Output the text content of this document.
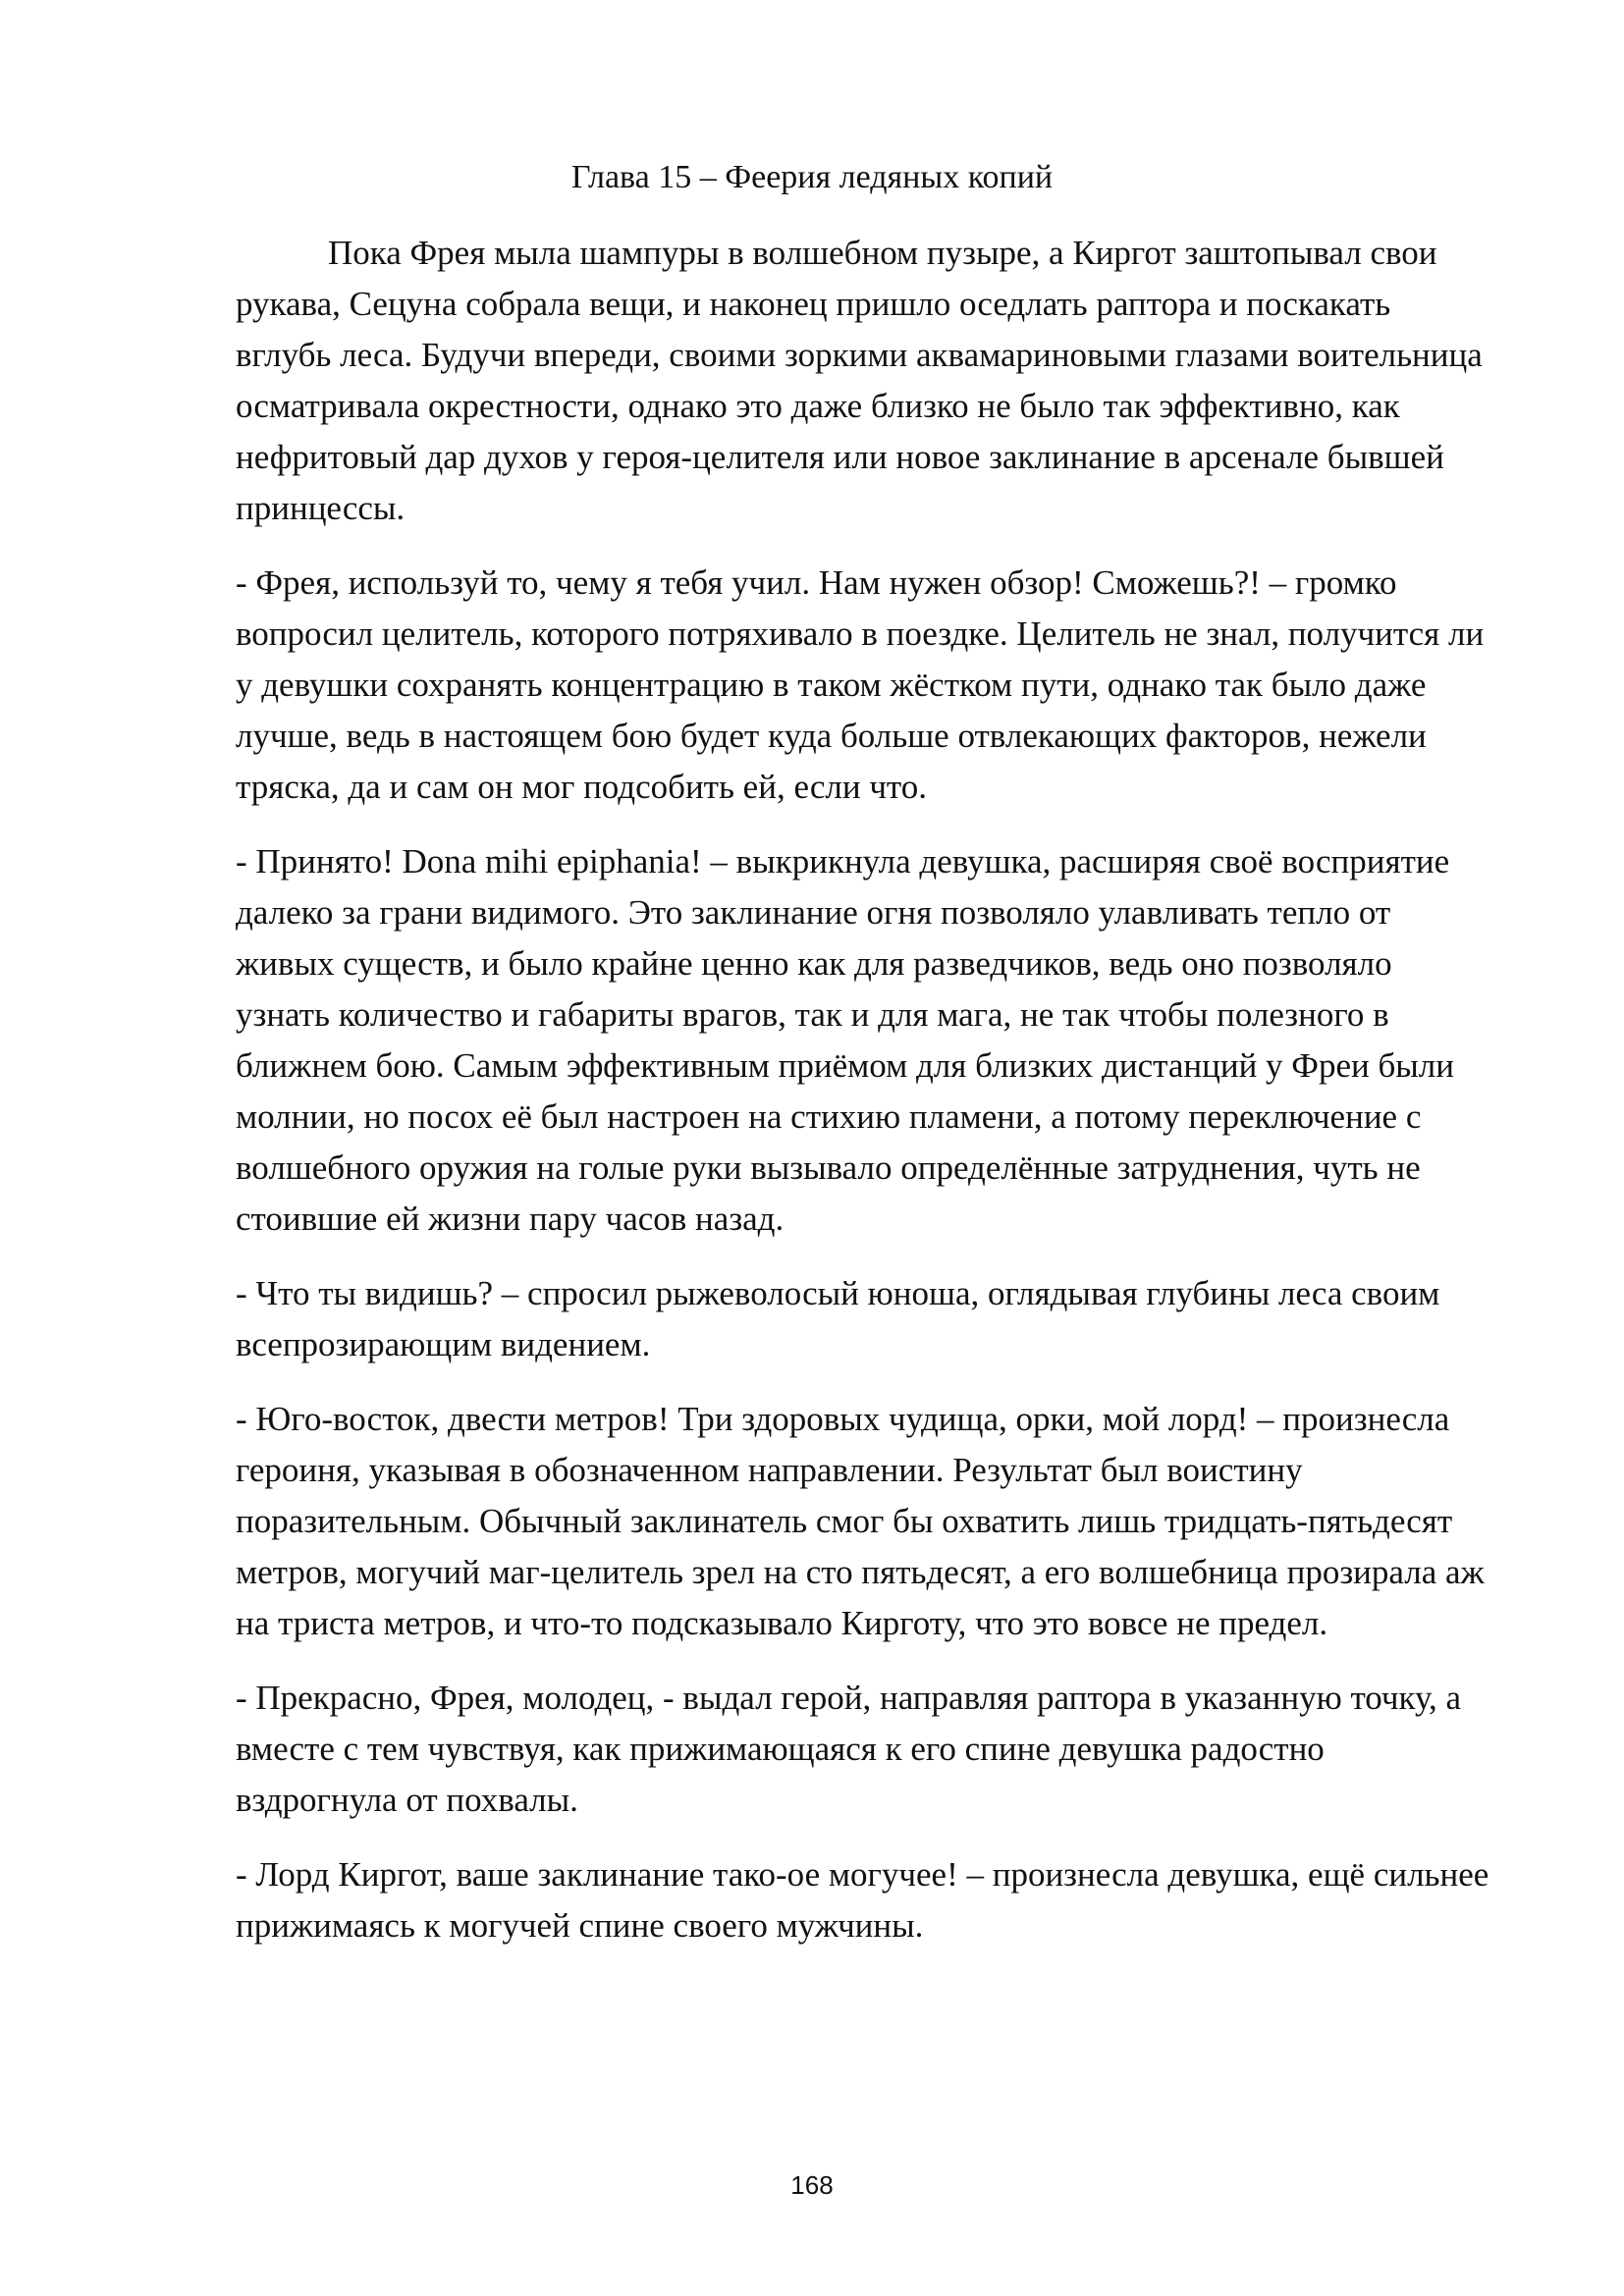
Глава 15 – Феерия ледяных копий

Пока Фрея мыла шампуры в волшебном пузыре, а Киргот заштопывал свои рукава, Сецуна собрала вещи, и наконец пришло оседлать раптора и поскакать вглубь леса. Будучи впереди, своими зоркими аквамариновыми глазами воительница осматривала окрестности, однако это даже близко не было так эффективно, как нефритовый дар духов у героя-целителя или новое заклинание в арсенале бывшей принцессы.

- Фрея, используй то, чему я тебя учил. Нам нужен обзор! Сможешь?! – громко вопросил целитель, которого потряхивало в поездке. Целитель не знал, получится ли у девушки сохранять концентрацию в таком жёстком пути, однако так было даже лучше, ведь в настоящем бою будет куда больше отвлекающих факторов, нежели тряска, да и сам он мог подсобить ей, если что.

- Принято! Dona mihi epiphania! – выкрикнула девушка, расширяя своё восприятие далеко за грани видимого. Это заклинание огня позволяло улавливать тепло от живых существ, и было крайне ценно как для разведчиков, ведь оно позволяло узнать количество и габариты врагов, так и для мага, не так чтобы полезного в ближнем бою. Самым эффективным приёмом для близких дистанций у Фреи были молнии, но посох её был настроен на стихию пламени, а потому переключение с волшебного оружия на голые руки вызывало определённые затруднения, чуть не стоившие ей жизни пару часов назад.

- Что ты видишь? – спросил рыжеволосый юноша, оглядывая глубины леса своим всепрозирающим видением.

- Юго-восток, двести метров! Три здоровых чудища, орки, мой лорд! – произнесла героиня, указывая в обозначенном направлении. Результат был воистину поразительным. Обычный заклинатель смог бы охватить лишь тридцать-пятьдесят метров, могучий маг-целитель зрел на сто пятьдесят, а его волшебница прозирала аж на триста метров, и что-то подсказывало Кирготу, что это вовсе не предел.

- Прекрасно, Фрея, молодец, - выдал герой, направляя раптора в указанную точку, а вместе с тем чувствуя, как прижимающаяся к его спине девушка радостно вздрогнула от похвалы.

- Лорд Киргот, ваше заклинание тако-ое могучее! – произнесла девушка, ещё сильнее прижимаясь к могучей спине своего мужчины.

168
